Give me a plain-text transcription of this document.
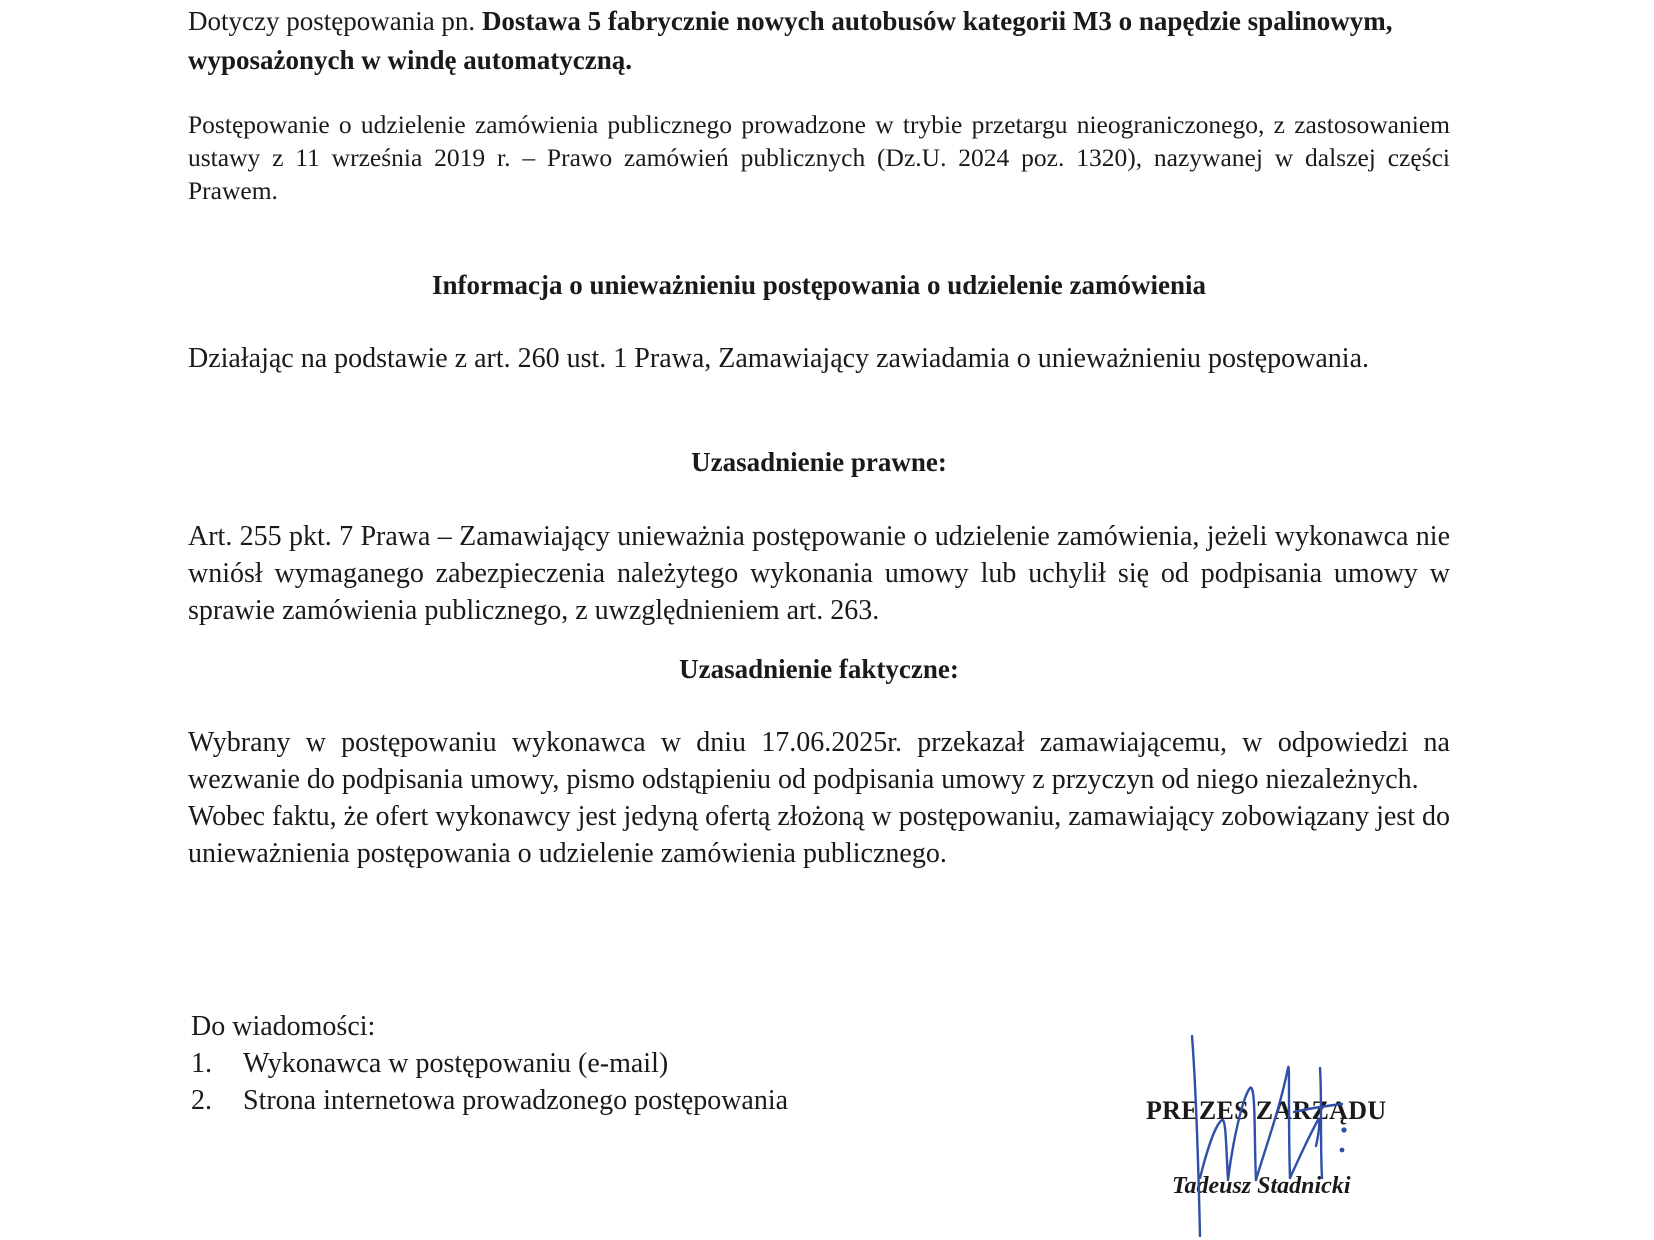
Dotyczy postępowania pn. Dostawa 5 fabrycznie nowych autobusów kategorii M3 o napędzie spalinowym, wyposażonych w windę automatyczną.

Postępowanie o udzielenie zamówienia publicznego prowadzone w trybie przetargu nieograniczonego, z zastosowaniem ustawy z 11 września 2019 r. – Prawo zamówień publicznych (Dz.U. 2024 poz. 1320), nazywanej w dalszej części Prawem.

Informacja o unieważnieniu postępowania o udzielenie zamówienia

Działając na podstawie z art. 260 ust. 1 Prawa, Zamawiający zawiadamia o unieważnieniu postępowania.

Uzasadnienie prawne:

Art. 255 pkt. 7 Prawa – Zamawiający unieważnia postępowanie o udzielenie zamówienia, jeżeli wykonawca nie wniósł wymaganego zabezpieczenia należytego wykonania umowy lub uchylił się od podpisania umowy w sprawie zamówienia publicznego, z uwzględnieniem art. 263.

Uzasadnienie faktyczne:

Wybrany w postępowaniu wykonawca w dniu 17.06.2025r. przekazał zamawiającemu, w odpowiedzi na wezwanie do podpisania umowy, pismo odstąpieniu od podpisania umowy z przyczyn od niego niezależnych.

Wobec faktu, że ofert wykonawcy jest jedyną ofertą złożoną w postępowaniu, zamawiający zobowiązany jest do unieważnienia postępowania o udzielenie zamówienia publicznego.

Do wiadomości:

1.	Wykonawca w postępowaniu (e-mail)
2.	Strona internetowa prowadzonego postępowania	PREZES ZARZĄDU
Tadeusz Stadnicki
